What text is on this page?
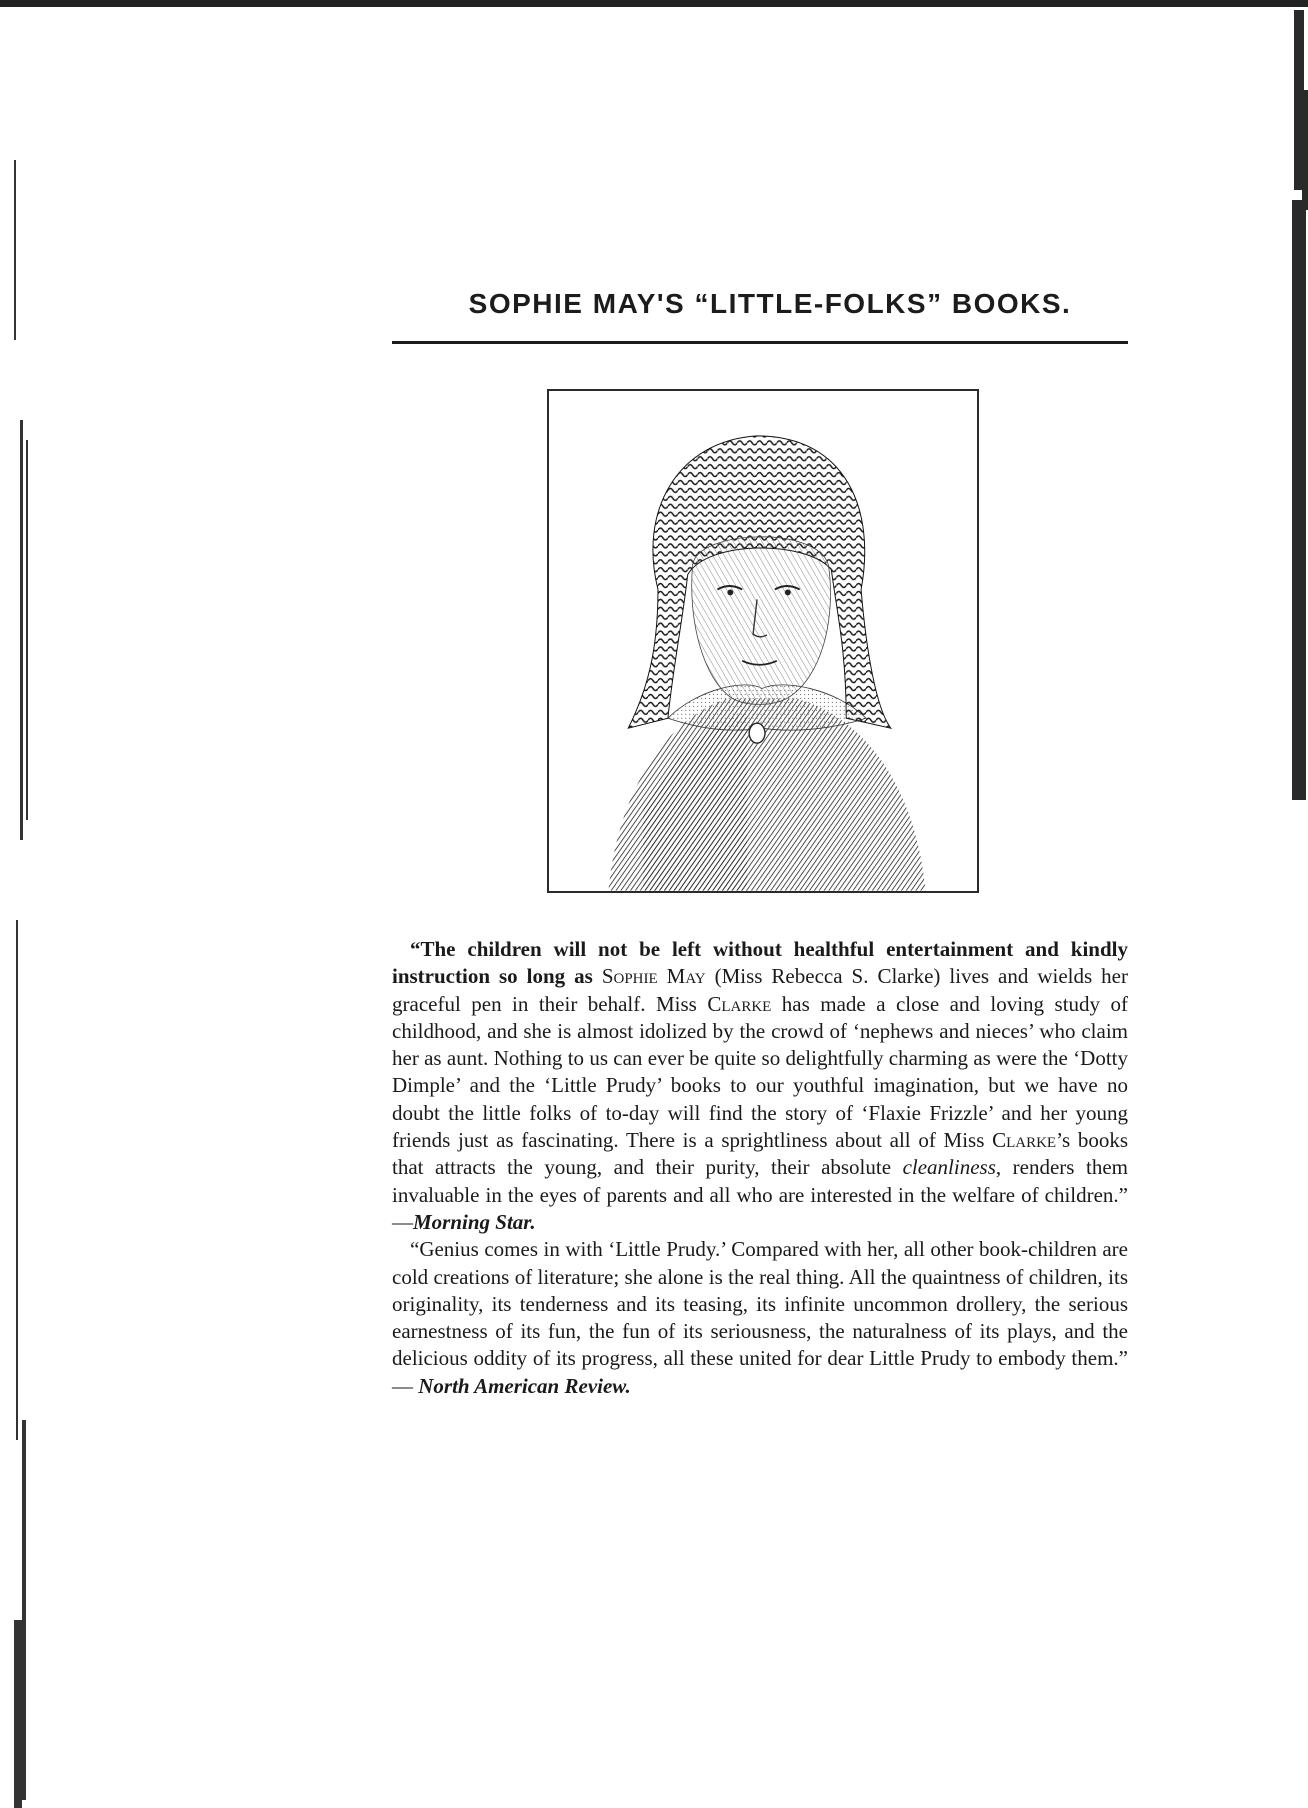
SOPHIE MAY'S “LITTLE-FOLKS” BOOKS.

“The children will not be left without healthful entertainment and kindly instruction so long as Sophie May (Miss Rebecca S. Clarke) lives and wields her graceful pen in their behalf. Miss Clarke has made a close and loving study of childhood, and she is almost idolized by the crowd of ‘nephews and nieces’ who claim her as aunt. Nothing to us can ever be quite so delightfully charming as were the ‘Dotty Dimple’ and the ‘Little Prudy’ books to our youthful imagination, but we have no doubt the little folks of to-day will find the story of ‘Flaxie Frizzle’ and her young friends just as fascinating. There is a sprightliness about all of Miss Clarke’s books that attracts the young, and their purity, their absolute cleanliness, renders them invaluable in the eyes of parents and all who are interested in the welfare of children.” —Morning Star.

“Genius comes in with ‘Little Prudy.’ Compared with her, all other book-children are cold creations of literature; she alone is the real thing. All the quaintness of children, its originality, its tenderness and its teasing, its infinite uncommon drollery, the serious earnestness of its fun, the fun of its seriousness, the naturalness of its plays, and the delicious oddity of its progress, all these united for dear Little Prudy to embody them.” — North American Review.
